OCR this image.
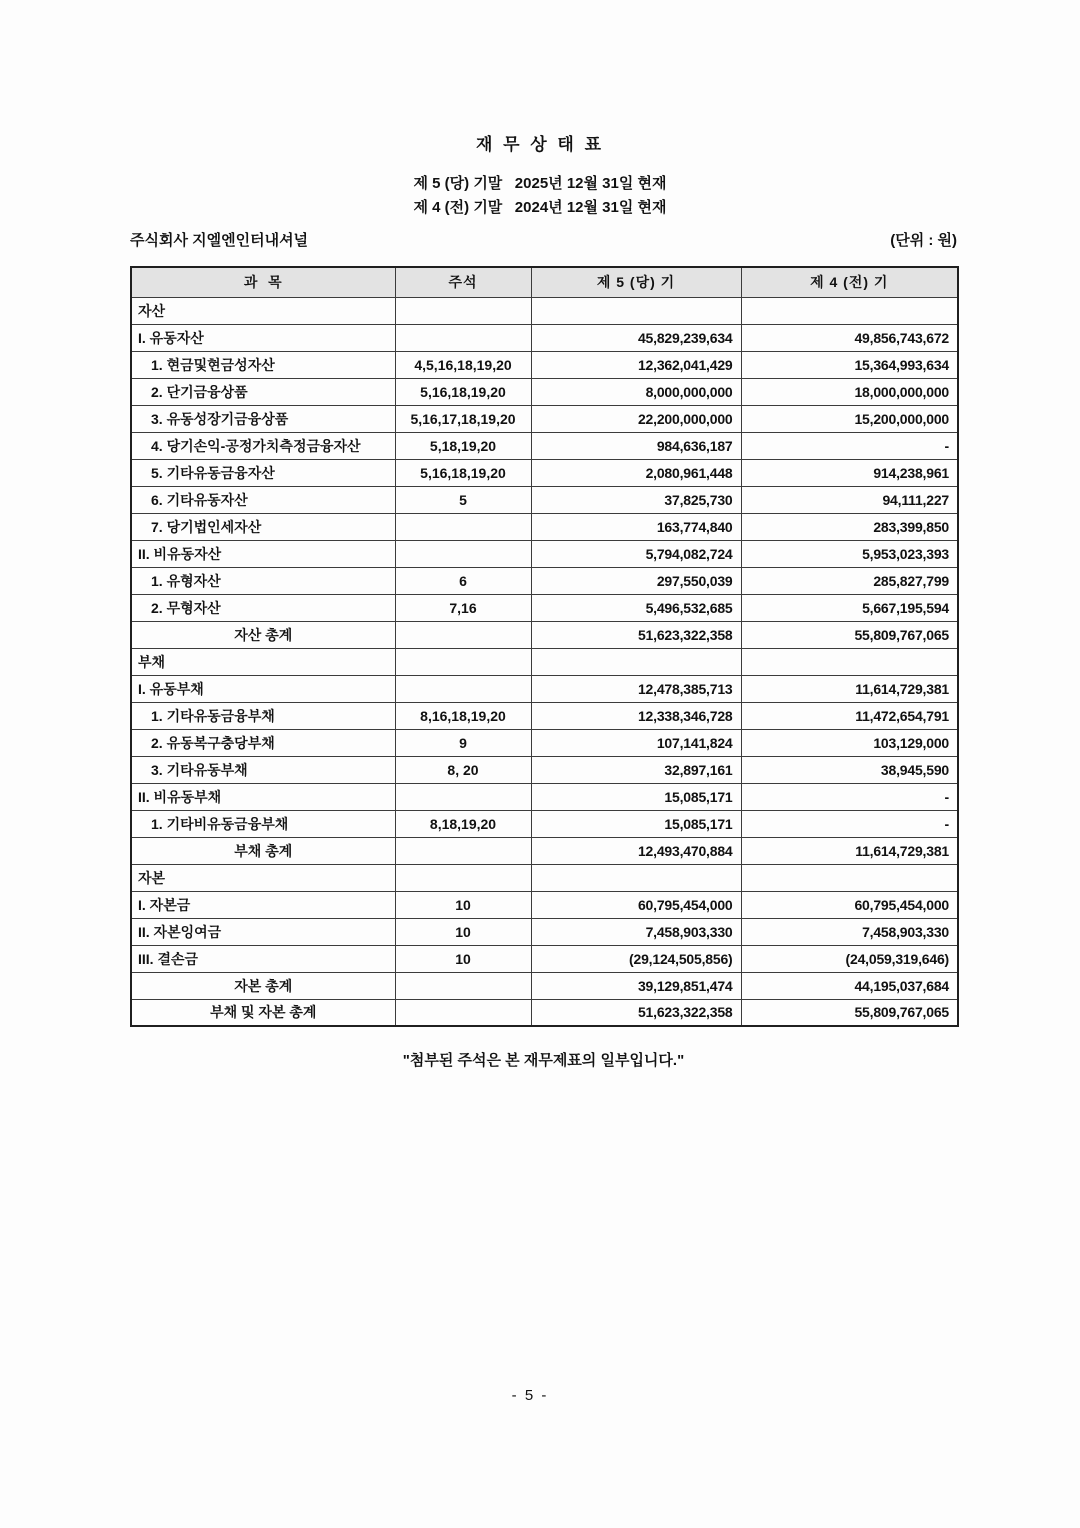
재 무 상 태 표
제 5 (당) 기말   2025년 12월 31일 현재
제 4 (전) 기말   2024년 12월 31일 현재
주식회사 지엘엔인터내셔널	(단위 : 원)
과  목	주석	제 5 (당) 기	제 4 (전) 기
자산			
I. 유동자산		45,829,239,634	49,856,743,672
1. 현금및현금성자산	4,5,16,18,19,20	12,362,041,429	15,364,993,634
2. 단기금융상품	5,16,18,19,20	8,000,000,000	18,000,000,000
3. 유동성장기금융상품	5,16,17,18,19,20	22,200,000,000	15,200,000,000
4. 당기손익-공정가치측정금융자산	5,18,19,20	984,636,187	-
5. 기타유동금융자산	5,16,18,19,20	2,080,961,448	914,238,961
6. 기타유동자산	5	37,825,730	94,111,227
7. 당기법인세자산		163,774,840	283,399,850
II. 비유동자산		5,794,082,724	5,953,023,393
1. 유형자산	6	297,550,039	285,827,799
2. 무형자산	7,16	5,496,532,685	5,667,195,594
자산 총계		51,623,322,358	55,809,767,065
부채			
I. 유동부채		12,478,385,713	11,614,729,381
1. 기타유동금융부채	8,16,18,19,20	12,338,346,728	11,472,654,791
2. 유동복구충당부채	9	107,141,824	103,129,000
3. 기타유동부채	8, 20	32,897,161	38,945,590
II. 비유동부채		15,085,171	-
1. 기타비유동금융부채	8,18,19,20	15,085,171	-
부채 총계		12,493,470,884	11,614,729,381
자본			
I. 자본금	10	60,795,454,000	60,795,454,000
II. 자본잉여금	10	7,458,903,330	7,458,903,330
III. 결손금	10	(29,124,505,856)	(24,059,319,646)
자본 총계		39,129,851,474	44,195,037,684
부채 및 자본 총계		51,623,322,358	55,809,767,065
"첨부된 주석은 본 재무제표의 일부입니다."
- 5 -
